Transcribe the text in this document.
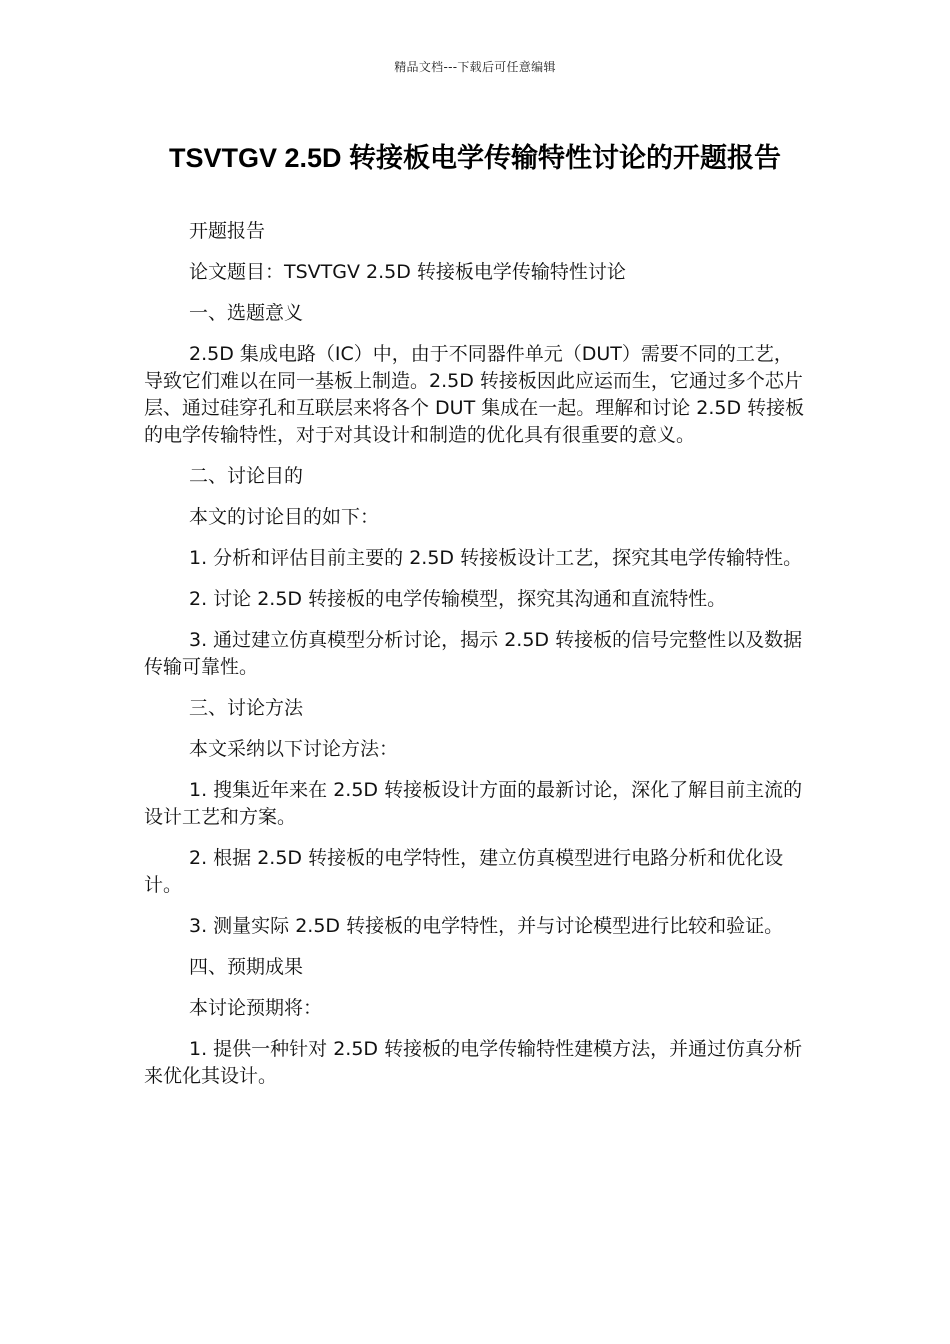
精品文档---下载后可任意编辑
TSVTGV 2.5D 转接板电学传输特性讨论的开题报告

开题报告

论文题目：TSVTGV 2.5D 转接板电学传输特性讨论

一、选题意义

2.5D 集成电路（IC）中，由于不同器件单元（DUT）需要不同的工艺，导致它们难以在同一基板上制造。2.5D 转接板因此应运而生，它通过多个芯片层、通过硅穿孔和互联层来将各个 DUT 集成在一起。理解和讨论 2.5D 转接板的电学传输特性，对于对其设计和制造的优化具有很重要的意义。

二、讨论目的

本文的讨论目的如下：

1. 分析和评估目前主要的 2.5D 转接板设计工艺，探究其电学传输特性。

2. 讨论 2.5D 转接板的电学传输模型，探究其沟通和直流特性。

3. 通过建立仿真模型分析讨论，揭示 2.5D 转接板的信号完整性以及数据传输可靠性。

三、讨论方法

本文采纳以下讨论方法：

1. 搜集近年来在 2.5D 转接板设计方面的最新讨论，深化了解目前主流的设计工艺和方案。

2. 根据 2.5D 转接板的电学特性，建立仿真模型进行电路分析和优化设计。

3. 测量实际 2.5D 转接板的电学特性，并与讨论模型进行比较和验证。

四、预期成果

本讨论预期将：

1. 提供一种针对 2.5D 转接板的电学传输特性建模方法，并通过仿真分析来优化其设计。
